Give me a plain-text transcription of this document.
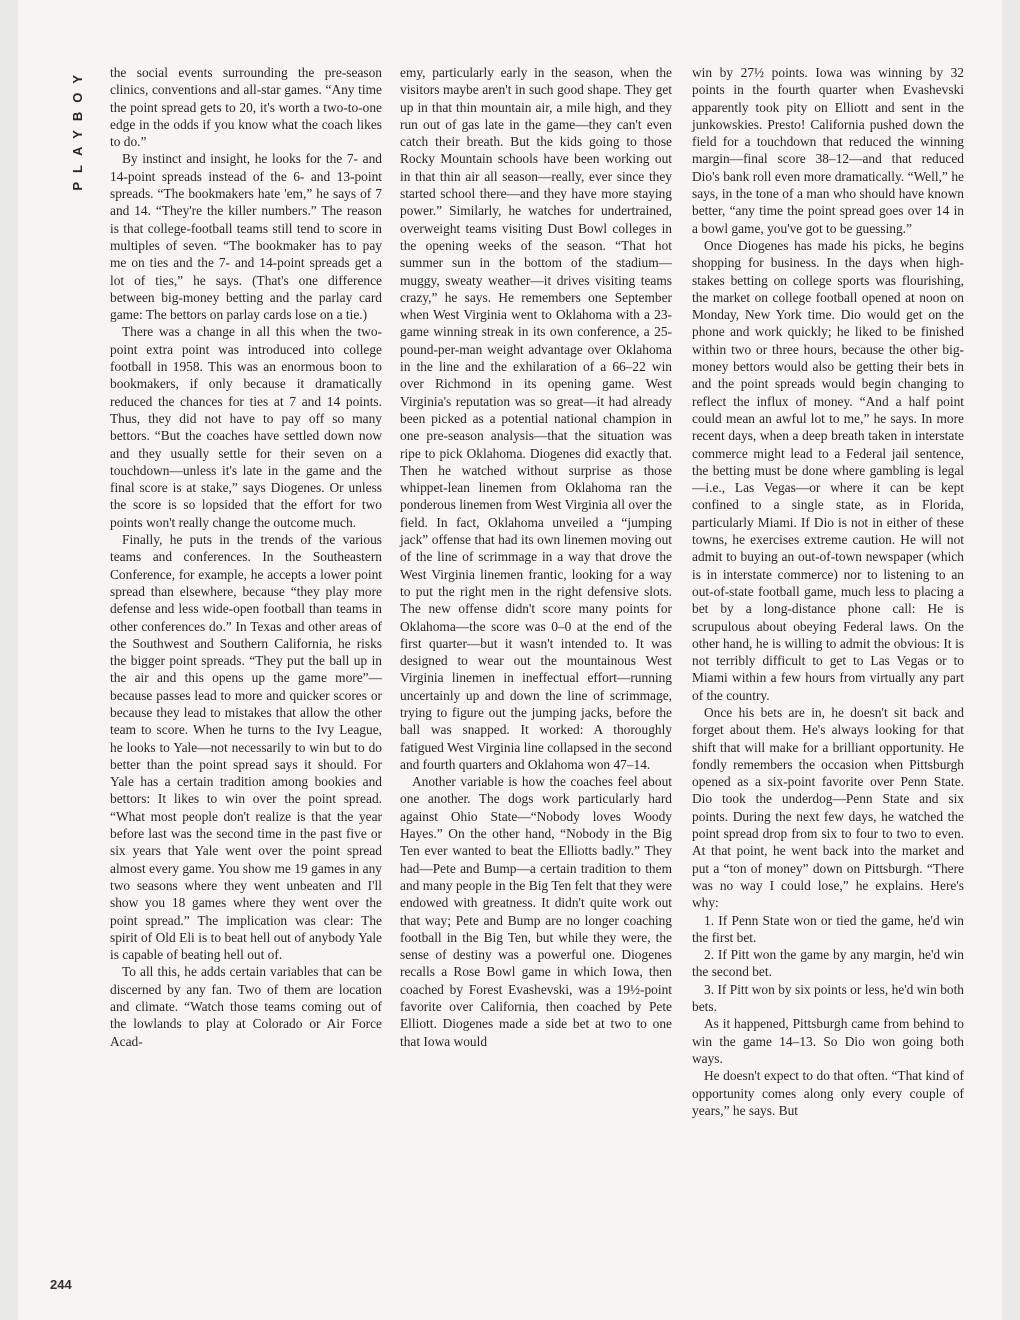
PLAYBOY
244

the social events surrounding the pre-season clinics, conventions and all-star games. “Any time the point spread gets to 20, it's worth a two-to-one edge in the odds if you know what the coach likes to do.”

By instinct and insight, he looks for the 7- and 14-point spreads instead of the 6- and 13-point spreads. “The bookmakers hate 'em,” he says of 7 and 14. “They're the killer numbers.” The reason is that college-football teams still tend to score in multiples of seven. “The bookmaker has to pay me on ties and the 7- and 14-point spreads get a lot of ties,” he says. (That's one difference between big-money betting and the parlay card game: The bettors on parlay cards lose on a tie.)

There was a change in all this when the two-point extra point was introduced into college football in 1958. This was an enormous boon to bookmakers, if only because it dramatically reduced the chances for ties at 7 and 14 points. Thus, they did not have to pay off so many bettors. “But the coaches have settled down now and they usually settle for their seven on a touchdown—unless it's late in the game and the final score is at stake,” says Diogenes. Or unless the score is so lopsided that the effort for two points won't really change the outcome much.

Finally, he puts in the trends of the various teams and conferences. In the Southeastern Conference, for example, he accepts a lower point spread than elsewhere, because “they play more defense and less wide-open football than teams in other conferences do.” In Texas and other areas of the Southwest and Southern California, he risks the bigger point spreads. “They put the ball up in the air and this opens up the game more”—because passes lead to more and quicker scores or because they lead to mistakes that allow the other team to score. When he turns to the Ivy League, he looks to Yale—not necessarily to win but to do better than the point spread says it should. For Yale has a certain tradition among bookies and bettors: It likes to win over the point spread. “What most people don't realize is that the year before last was the second time in the past five or six years that Yale went over the point spread almost every game. You show me 19 games in any two seasons where they went unbeaten and I'll show you 18 games where they went over the point spread.” The implication was clear: The spirit of Old Eli is to beat hell out of anybody Yale is capable of beating hell out of.

To all this, he adds certain variables that can be discerned by any fan. Two of them are location and climate. “Watch those teams coming out of the lowlands to play at Colorado or Air Force Acad-

emy, particularly early in the season, when the visitors maybe aren't in such good shape. They get up in that thin mountain air, a mile high, and they run out of gas late in the game—they can't even catch their breath. But the kids going to those Rocky Mountain schools have been working out in that thin air all season—really, ever since they started school there—and they have more staying power.” Similarly, he watches for undertrained, overweight teams visiting Dust Bowl colleges in the opening weeks of the season. “That hot summer sun in the bottom of the stadium—muggy, sweaty weather—it drives visiting teams crazy,” he says. He remembers one September when West Virginia went to Oklahoma with a 23-game winning streak in its own conference, a 25-pound-per-man weight advantage over Oklahoma in the line and the exhilaration of a 66–22 win over Richmond in its opening game. West Virginia's reputation was so great—it had already been picked as a potential national champion in one pre-season analysis—that the situation was ripe to pick Oklahoma. Diogenes did exactly that. Then he watched without surprise as those whippet-lean linemen from Oklahoma ran the ponderous linemen from West Virginia all over the field. In fact, Oklahoma unveiled a “jumping jack” offense that had its own linemen moving out of the line of scrimmage in a way that drove the West Virginia linemen frantic, looking for a way to put the right men in the right defensive slots. The new offense didn't score many points for Oklahoma—the score was 0–0 at the end of the first quarter—but it wasn't intended to. It was designed to wear out the mountainous West Virginia linemen in ineffectual effort—running uncertainly up and down the line of scrimmage, trying to figure out the jumping jacks, before the ball was snapped. It worked: A thoroughly fatigued West Virginia line collapsed in the second and fourth quarters and Oklahoma won 47–14.

Another variable is how the coaches feel about one another. The dogs work particularly hard against Ohio State—“Nobody loves Woody Hayes.” On the other hand, “Nobody in the Big Ten ever wanted to beat the Elliotts badly.” They had—Pete and Bump—a certain tradition to them and many people in the Big Ten felt that they were endowed with greatness. It didn't quite work out that way; Pete and Bump are no longer coaching football in the Big Ten, but while they were, the sense of destiny was a powerful one. Diogenes recalls a Rose Bowl game in which Iowa, then coached by Forest Evashevski, was a 19½-point favorite over California, then coached by Pete Elliott. Diogenes made a side bet at two to one that Iowa would

win by 27½ points. Iowa was winning by 32 points in the fourth quarter when Evashevski apparently took pity on Elliott and sent in the junkowskies. Presto! California pushed down the field for a touchdown that reduced the winning margin—final score 38–12—and that reduced Dio's bank roll even more dramatically. “Well,” he says, in the tone of a man who should have known better, “any time the point spread goes over 14 in a bowl game, you've got to be guessing.”

Once Diogenes has made his picks, he begins shopping for business. In the days when high-stakes betting on college sports was flourishing, the market on college football opened at noon on Monday, New York time. Dio would get on the phone and work quickly; he liked to be finished within two or three hours, because the other big-money bettors would also be getting their bets in and the point spreads would begin changing to reflect the influx of money. “And a half point could mean an awful lot to me,” he says. In more recent days, when a deep breath taken in interstate commerce might lead to a Federal jail sentence, the betting must be done where gambling is legal—i.e., Las Vegas—or where it can be kept confined to a single state, as in Florida, particularly Miami. If Dio is not in either of these towns, he exercises extreme caution. He will not admit to buying an out-of-town newspaper (which is in interstate commerce) nor to listening to an out-of-state football game, much less to placing a bet by a long-distance phone call: He is scrupulous about obeying Federal laws. On the other hand, he is willing to admit the obvious: It is not terribly difficult to get to Las Vegas or to Miami within a few hours from virtually any part of the country.

Once his bets are in, he doesn't sit back and forget about them. He's always looking for that shift that will make for a brilliant opportunity. He fondly remembers the occasion when Pittsburgh opened as a six-point favorite over Penn State. Dio took the underdog—Penn State and six points. During the next few days, he watched the point spread drop from six to four to two to even. At that point, he went back into the market and put a “ton of money” down on Pittsburgh. “There was no way I could lose,” he explains. Here's why:

1. If Penn State won or tied the game, he'd win the first bet.

2. If Pitt won the game by any margin, he'd win the second bet.

3. If Pitt won by six points or less, he'd win both bets.

As it happened, Pittsburgh came from behind to win the game 14–13. So Dio won going both ways.

He doesn't expect to do that often. “That kind of opportunity comes along only every couple of years,” he says. But
